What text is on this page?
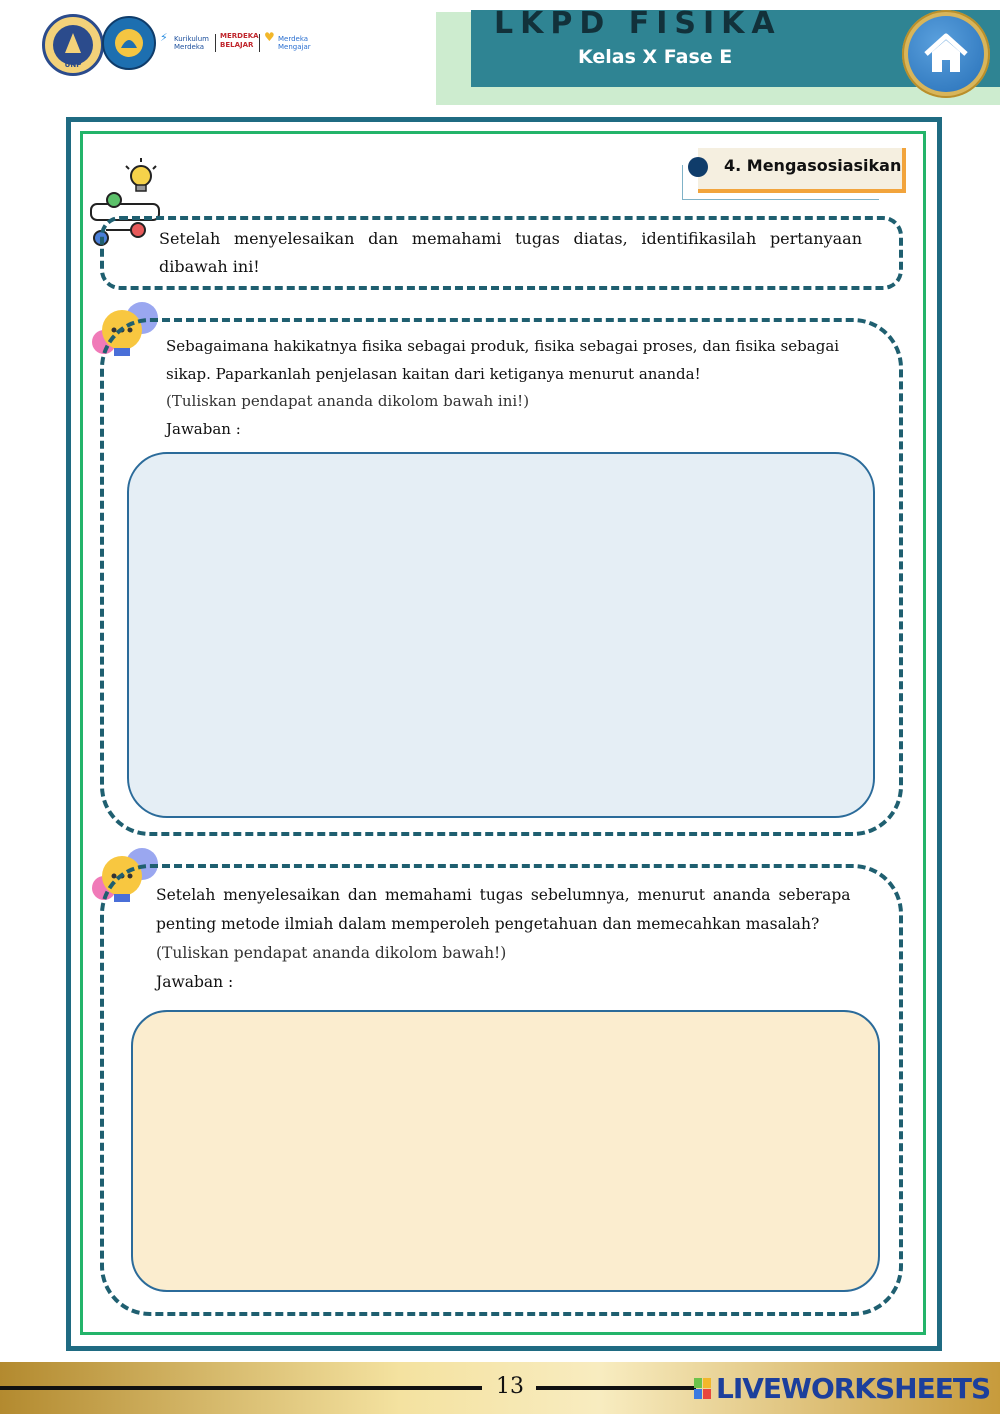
UNP
⚡ Kurikulum Merdeka
MERDEKA BELAJAR
♥ Merdeka Mengajar
LKPD FISIKA
Kelas X Fase E
4. Mengasosiasikan
Setelah menyelesaikan dan memahami tugas diatas, identifikasilah pertanyaan dibawah ini!
Sebagaimana hakikatnya fisika sebagai produk, fisika sebagai proses, dan fisika sebagai
sikap. Paparkanlah penjelasan kaitan dari ketiganya menurut ananda!
(Tuliskan pendapat ananda dikolom bawah ini!)
Jawaban :
Setelah menyelesaikan dan memahami tugas sebelumnya, menurut ananda seberapa
penting metode ilmiah dalam memperoleh pengetahuan dan memecahkan masalah?
(Tuliskan pendapat ananda dikolom bawah!)
Jawaban :
13	LIVEWORKSHEETS
